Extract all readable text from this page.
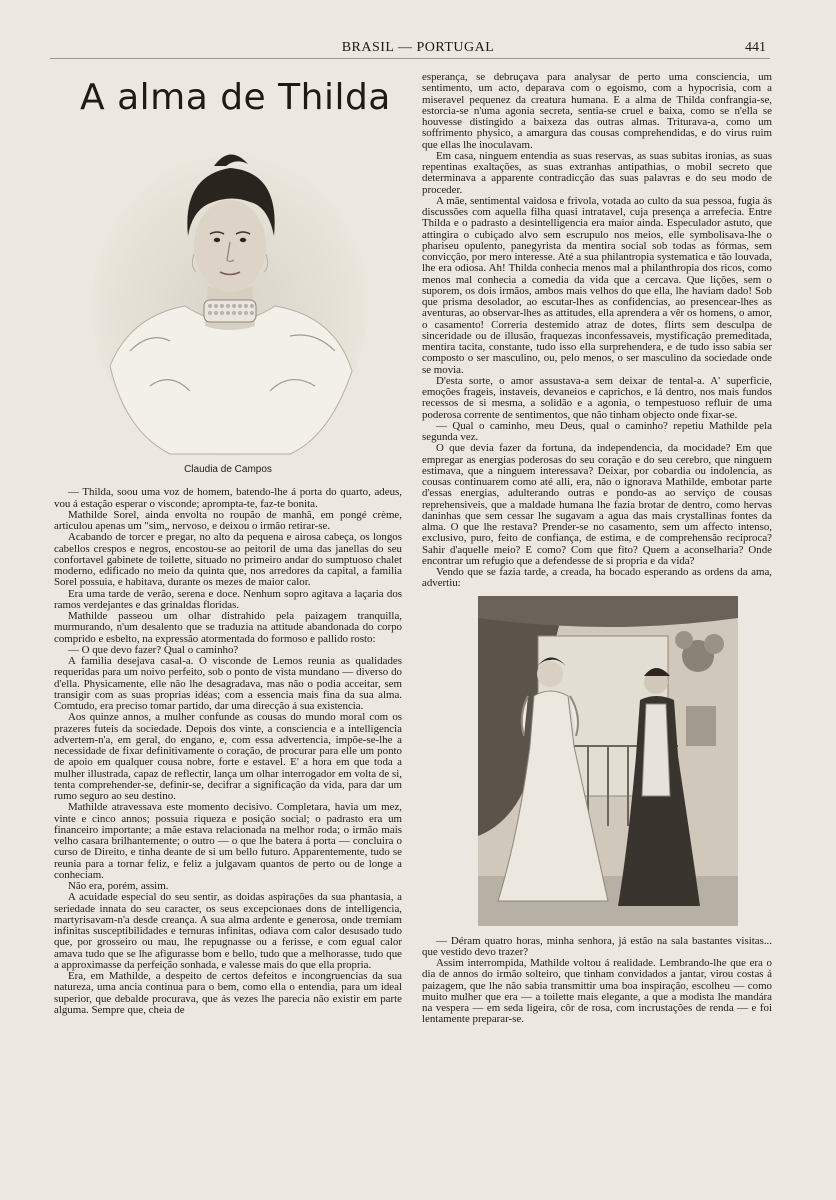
BRASIL — PORTUGAL	441
A alma de Thilda
Claudia de Campos

— Thilda, soou uma voz de homem, batendo-lhe á porta do quarto, adeus, vou á estação esperar o visconde; apromptа-te, faz-te bonita.

Mathilde Sorel, ainda envolta no roupão de manhã, em pongé crème, articulou apenas um "sim„ nervoso, e deixou o irmão retirar-se.

Acabando de torcer e pregar, no alto da pequena e airosa cabeça, os longos cabellos crespos e negros, encostou-se ao peitoril de uma das janellas do seu confortavel gabinete de toilette, situado no primeiro andar do sumptuoso chalet moderno, edificado no meio da quinta que, nos arredores da capital, a familia Sorel possuia, e habitava, durante os mezes de maior calor.

Era uma tarde de verão, serena e doce. Nenhum sopro agitava a laçaria dos ramos verdejantes e das grinaldas floridas.

Mathilde passeou um olhar distrahido pela paizagem tranquilla, murmurando, n'um desalento que se traduzia na attitude abandonada do corpo comprido e esbelto, na expressão atormentada do formoso e pallido rosto:

— O que devo fazer? Qual o caminho?

A familia desejava casal-a. O visconde de Lemos reunia as qualidades requeridas para um noivo perfeito, sob o ponto de vista mundano — diverso do d'ella. Physicamente, elle não lhe desagradava, mas não o podia acceitar, sem transigir com as suas proprias idéas; com a essencia mais fina da sua alma. Comtudo, era preciso tomar partido, dar uma direcção á sua existencia.

Aos quinze annos, a mulher confunde as cousas do mundo moral com os prazeres futeis da sociedade. Depois dos vinte, a consciencia e a intelligencia advertem-n'a, em geral, do engano, e, com essa advertencia, impõe-se-lhe a necessidade de fixar definitivamente o coração, de procurar para elle um ponto de apoio em qualquer cousa nobre, forte e estavel. E' a hora em que toda a mulher illustrada, capaz de reflectir, lança um olhar interrogador em volta de si, tenta comprehender-se, definir-se, decifrar a significação da vida, para dar um rumo seguro ao seu destino.

Mathilde atravessava este momento decisivo. Completara, havia um mez, vinte e cinco annos; possuia riqueza e posição social; o padrasto era um financeiro importante; a mãe estava relacionada na melhor roda; o irmão mais velho casara brilhantemente; o outro — o que lhe batera á porta — concluira o curso de Direito, e tinha deante de si um bello futuro. Apparentemente, tudo se reunia para a tornar feliz, e feliz a julgavam quantos de perto ou de longe a conheciam.

Não era, porém, assim.

A acuidade especial do seu sentir, as doidas aspirações da sua phantasia, a seriedade innata do seu caracter, os seus excepcionaes dons de intelligencia, martyrisavam-n'a desde creança. A sua alma ardente e generosa, onde tremiam infinitas susceptibilidades e ternuras infinitas, odiava com calor desusado tudo que, por grosseiro ou mau, lhe repugnasse ou a ferisse, e com egual calor amava tudo que se lhe afigurasse bom e bello, tudo que a melhorasse, tudo que a approximasse da perfeição sonhada, e valesse mais do que ella propria.

Era, em Mathilde, a despeito de certos defeitos e incongruencias da sua natureza, uma ancia continua para o bem, como ella o entendia, para um ideal superior, que debalde procurava, que ás vezes lhe parecia não existir em parte alguma. Sempre que, cheia de

esperança, se debruçava para analysar de perto uma consciencia, um sentimento, um acto, deparava com o egoismo, com a hypocrisia, com a miseravel pequenez da creatura humana. E a alma de Thilda confrangia-se, estorcia-se n'uma agonia secreta, sentia-se cruel e baixa, como se n'ella se houvesse distingido a baixeza das outras almas. Triturava-a, como um soffrimento physico, a amargura das cousas comprehendidas, e do virus ruim que ellas lhe inoculavam.

Em casa, ninguem entendia as suas reservas, as suas subitas ironias, as suas repentinas exaltações, as suas extranhas antipathias, o mobil secreto que determinava a apparente contradicção das suas palavras e do seu modo de proceder.

A mãe, sentimental vaidosa e frivola, votada ao culto da sua pessoa, fugia ás discussões com aquella filha quasi intratavel, cuja presença a arrefecia. Entre Thilda e o padrasto a desintelligencia era maior ainda. Especulador astuto, que attingira o cubiçado alvo sem escrupulo nos meios, elle symbolisava-lhe o phariseu opulento, panegyrista da mentira social sob todas as fórmas, sem convicção, por mero interesse. Até a sua philantropia systematica e tão louvada, lhe era odiosa. Ah! Thilda conhecia menos mal a philanthropia dos ricos, como menos mal conhecia a comedia da vida que a cercava. Que lições, sem o suporem, os dois irmãos, ambos mais velhos do que ella, lhe haviam dado! Sob que prisma desolador, ao escutar-lhes as confidencias, ao presencear-lhes as aventuras, ao observar-lhes as attitudes, ella aprendera a vêr os homens, o amor, o casamento! Correria destemido atraz de dotes, flirts sem desculpa de sinceridade ou de illusão, fraquezas inconfessaveis, mystificação premeditada, mentira tacita, constante, tudo isso ella surprehendera, e de tudo isso sabia ser composto o ser masculino, ou, pelo menos, o ser masculino da sociedade onde se movia.

D'esta sorte, o amor assustava-a sem deixar de tental-a. A' superficie, emoções frageis, instaveis, devaneios e caprichos, e lá dentro, nos mais fundos recessos de si mesma, a solidão e a agonia, o tempestuoso refluir de uma poderosa corrente de sentimentos, que não tinham objecto onde fixar-se.

— Qual o caminho, meu Deus, qual o caminho? repetiu Mathilde pela segunda vez.

O que devia fazer da fortuna, da independencia, da mocidade? Em que empregar as energias poderosas do seu coração e do seu cerebro, que ninguem estimava, que a ninguem interessava? Deixar, por cobardia ou indolencia, as cousas continuarem como até alli, era, não o ignorava Mathilde, embotar parte d'essas energias, adulterando outras e pondo-as ao serviço de cousas reprehensiveis, que a maldade humana lhe fazia brotar de dentro, como hervas daninhas que sem cessar lhe sugavam a agua das mais crystallinas fontes da alma. O que lhe restava? Prender-se no casamento, sem um affecto intenso, exclusivo, puro, feito de confiança, de estima, e de comprehensão reciproca? Sahir d'aquelle meio? E como? Com que fito? Quem a aconselharia? Onde encontrar um refugio que a defendesse de si propria e da vida?

Vendo que se fazia tarde, a creada, ha bocado esperando as ordens da ama, advertiu:

— Déram quatro horas, minha senhora, já estão na sala bastantes visitas... que vestido devo trazer?

Assim interrompida, Mathilde voltou á realidade. Lembrando-lhe que era o dia de annos do irmão solteiro, que tinham convidados a jantar, virou costas á paizagem, que lhe não sabia transmittir uma boa inspiração, escolheu — como muito mulher que era — a toilette mais elegante, a que a modista lhe mandára na vespera — em seda ligeira, côr de rosa, com incrustações de renda — e foi lentamente preparar-se.
